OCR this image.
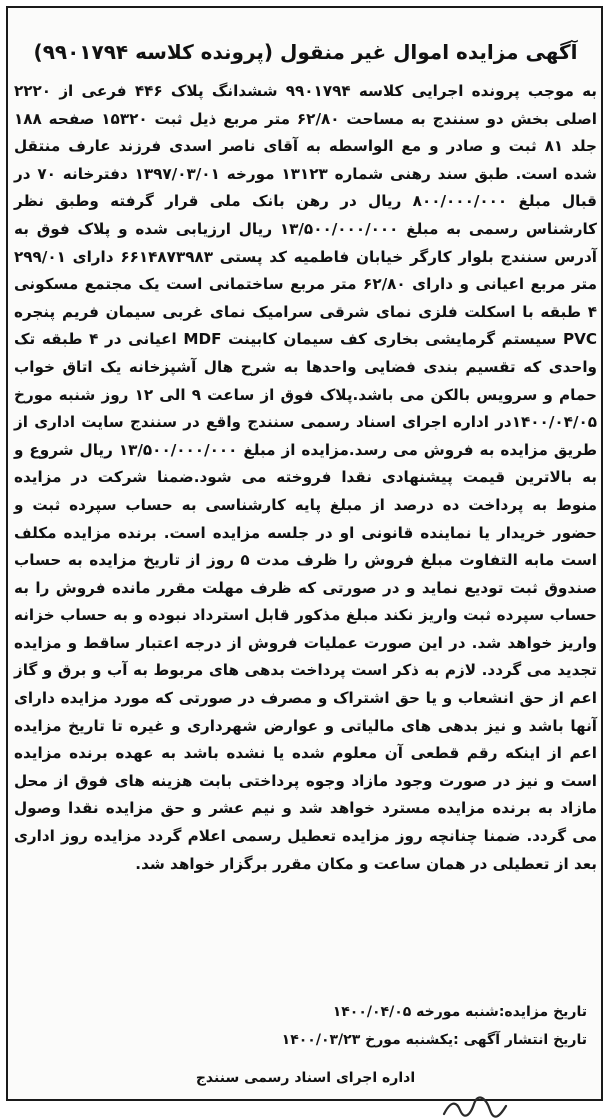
آگهی مزایده اموال غیر منقول (پرونده کلاسه ۹۹۰۱۷۹۴)
به موجب پرونده اجرایی کلاسه ۹۹۰۱۷۹۴ ششدانگ پلاک ۴۴۶ فرعی از ۲۲۲۰ اصلی بخش دو سنندج به مساحت ۶۲/۸۰ متر مربع ذیل ثبت ۱۵۳۲۰ صفحه ۱۸۸ جلد ۸۱ ثبت و صادر و مع الواسطه به آقای ناصر اسدی فرزند عارف منتقل شده است. طبق سند رهنی شماره ۱۳۱۲۳ مورخه ۱۳۹۷/۰۳/۰۱ دفترخانه ۷۰ در قبال مبلغ ۸۰۰/۰۰۰/۰۰۰ ریال در رهن بانک ملی قرار گرفته وطبق نظر کارشناس رسمی به مبلغ ۱۳/۵۰۰/۰۰۰/۰۰۰ ریال ارزیابی شده و پلاک فوق به آدرس سنندج بلوار کارگر خیابان فاطمیه کد پستی ۶۶۱۴۸۷۳۹۸۳ دارای ۲۹۹/۰۱ متر مربع اعیانی و دارای ۶۲/۸۰ متر مربع ساختمانی است یک مجتمع مسکونی ۴ طبقه با اسکلت فلزی نمای شرقی سرامیک نمای غربی سیمان فریم پنجره PVC سیستم گرمایشی بخاری کف سیمان کابینت MDF اعیانی در ۴ طبقه تک واحدی که تقسیم بندی فضایی واحدها به شرح هال آشپزخانه یک اتاق خواب حمام و سرویس بالکن می باشد.پلاک فوق از ساعت ۹ الی ۱۲ روز شنبه مورخ ۱۴۰۰/۰۴/۰۵در اداره اجرای اسناد رسمی سنندج واقع در سنندج سایت اداری از طریق مزایده به فروش می رسد.مزایده از مبلغ ۱۳/۵۰۰/۰۰۰/۰۰۰ ریال شروع و به بالاترین قیمت پیشنهادی نقدا فروخته می شود.ضمنا شرکت در مزایده منوط به پرداخت ده درصد از مبلغ پایه کارشناسی به حساب سپرده ثبت و حضور خریدار یا نماینده قانونی او در جلسه مزایده است. برنده مزایده مکلف است مابه التفاوت مبلغ فروش را ظرف مدت ۵ روز از تاریخ مزایده به حساب صندوق ثبت تودیع نماید و در صورتی که ظرف مهلت مقرر مانده فروش را به حساب سپرده ثبت واریز نکند مبلغ مذکور قابل استرداد نبوده و به حساب خزانه واریز خواهد شد. در این صورت عملیات فروش از درجه اعتبار ساقط و مزایده تجدید می گردد. لازم به ذکر است پرداخت بدهی های مربوط به آب و برق و گاز اعم از حق انشعاب و یا حق اشتراک و مصرف در صورتی که مورد مزایده دارای آنها باشد و نیز بدهی های مالیاتی و عوارض شهرداری و غیره تا تاریخ مزایده اعم از اینکه رقم قطعی آن معلوم شده یا نشده باشد به عهده برنده مزایده است و نیز در صورت وجود مازاد وجوه پرداختی بابت هزینه های فوق از محل مازاد به برنده مزایده مسترد خواهد شد و نیم عشر و حق مزایده نقدا وصول می گردد. ضمنا چنانچه روز مزایده تعطیل رسمی اعلام گردد مزایده روز اداری بعد از تعطیلی در همان ساعت و مکان مقرر برگزار خواهد شد.
تاریخ مزایده:شنبه مورخه ۱۴۰۰/۰۴/۰۵
تاریخ انتشار آگهی :یکشنبه مورخ ۱۴۰۰/۰۳/۲۳
اداره اجرای اسناد رسمی سنندج
